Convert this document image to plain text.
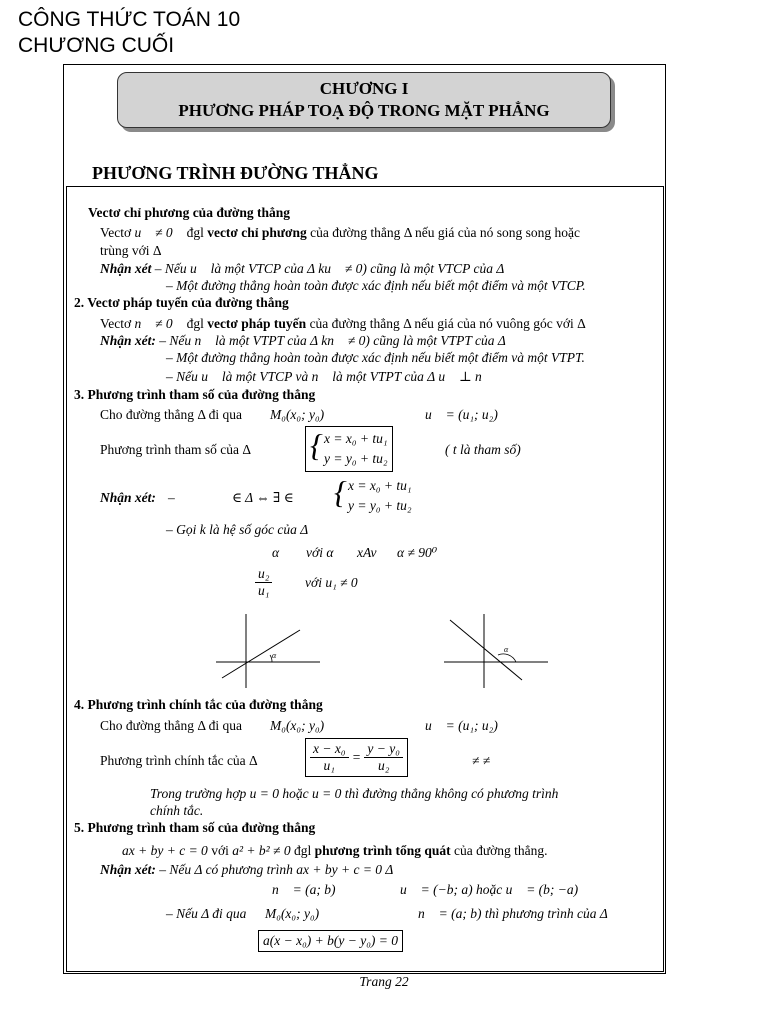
CÔNG THỨC TOÁN 10
CHƯƠNG CUỐI
CHƯƠNG I
PHƯƠNG PHÁP TOẠ ĐỘ TRONG MẶT PHẲNG
PHƯƠNG TRÌNH ĐƯỜNG THẲNG
Vectơ chỉ phương của đường thẳng
Vectơ u⃗ ≠ 0⃗ đgl vectơ chỉ phương của đường thẳng Δ nếu giá của nó song song hoặc
trùng với Δ
Nhận xét – Nếu u⃗ là một VTCP của Δ ku⃗ ≠ 0) cũng là một VTCP của Δ
– Một đường thẳng hoàn toàn được xác định nếu biết một điểm và một VTCP.
2. Vectơ pháp tuyến của đường thẳng
Vectơ n⃗ ≠ 0⃗ đgl vectơ pháp tuyến của đường thẳng Δ nếu giá của nó vuông góc với Δ
Nhận xét: – Nếu n⃗ là một VTPT của Δ kn⃗ ≠ 0) cũng là một VTPT của Δ
– Một đường thẳng hoàn toàn được xác định nếu biết một điểm và một VTPT.
– Nếu u⃗ là một VTCP và n⃗ là một VTPT của Δ u⃗ ⊥ n⃗
3. Phương trình tham số của đường thẳng
Cho đường thẳng Δ đi qua M₀(x₀; y₀)	u⃗ = (u₁; u₂)
Phương trình tham số của Δ { x = x₀ + tu₁
y = y₀ + tu₂
( t là tham số)
Nhận xét: –	∈ Δ ⇔ ∃ ∈ { x = x₀ + tu₁
y = y₀ + tu₂
– Gọi k là hệ số góc của Δ
α với α xAv α ≠ 90⁰
$\frac{\text{u₂}}{\text{u₁}}$ với u₁ ≠ 0
α
α
4. Phương trình chính tắc của đường thẳng
Cho đường thẳng Δ đi qua M₀(x₀; y₀)	u⃗ = (u₁; u₂)
Phương trình chính tắc của Δ	$\frac{\text{x − x₀}}{\text{u₁}} = \frac{\text{y − y₀}}{\text{u₂}}$	≠ ≠
Trong trường hợp u = 0 hoặc u = 0 thì đường thẳng không có phương trình
chính tắc.
5. Phương trình tham số của đường thẳng
ax + by + c = 0 với a² + b² ≠ 0 đgl phương trình tổng quát của đường thẳng.
Nhận xét: – Nếu Δ có phương trình ax + by + c = 0 Δ
n⃗ = (a; b)	u⃗ = (−b; a) hoặc u⃗ = (b; −a)
– Nếu Δ đi qua M₀(x₀; y₀)	n⃗ = (a; b) thì phương trình của Δ
a(x − x₀) + b(y − y₀) = 0
Trang 22
